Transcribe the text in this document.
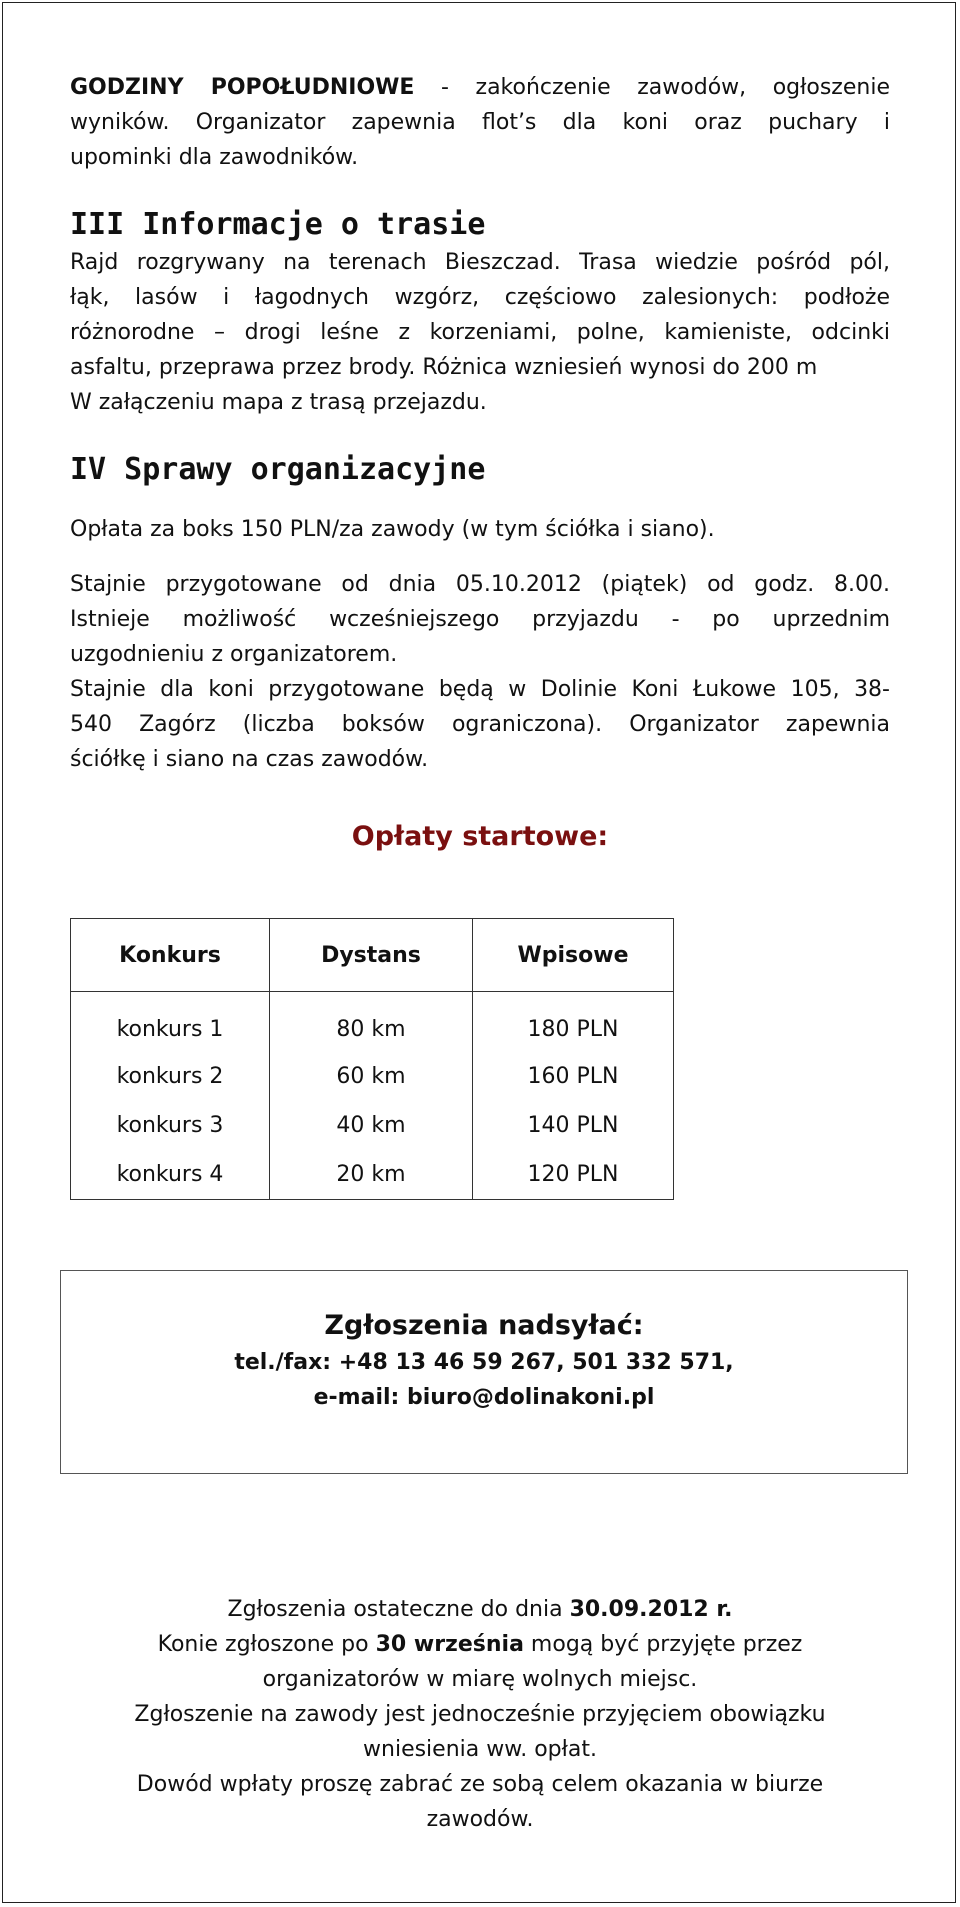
GODZINY POPOŁUDNIOWE - zakończenie zawodów, ogłoszenie

wyników. Organizator zapewnia flot’s dla koni oraz puchary i

upominki dla zawodników.

III Informacje o trasie

Rajd rozgrywany na terenach Bieszczad. Trasa wiedzie pośród pól,

łąk, lasów i łagodnych wzgórz, częściowo zalesionych: podłoże

różnorodne – drogi leśne z korzeniami, polne, kamieniste, odcinki

asfaltu, przeprawa przez brody. Różnica wzniesień wynosi do 200 m

W załączeniu mapa z trasą przejazdu.

IV Sprawy organizacyjne

Opłata za boks 150 PLN/za zawody (w tym ściółka i siano).

Stajnie przygotowane od dnia 05.10.2012 (piątek) od godz. 8.00.

Istnieje możliwość wcześniejszego przyjazdu - po uprzednim

uzgodnieniu z organizatorem.

Stajnie dla koni przygotowane będą w Dolinie Koni Łukowe 105, 38-

540 Zagórz (liczba boksów ograniczona). Organizator zapewnia

ściółkę i siano na czas zawodów.

Opłaty startowe:

Konkurs	Dystans	Wpisowe
konkurs 1	80 km	180 PLN
konkurs 2	60 km	160 PLN
konkurs 3	40 km	140 PLN
konkurs 4	20 km	120 PLN
Zgłoszenia nadsyłać:
tel./fax: +48 13 46 59 267, 501 332 571,
e-mail: biuro@dolinakoni.pl

Zgłoszenia ostateczne do dnia 30.09.2012 r.

Konie zgłoszone po 30 września mogą być przyjęte przez

organizatorów w miarę wolnych miejsc.

Zgłoszenie na zawody jest jednocześnie przyjęciem obowiązku

wniesienia ww. opłat.

Dowód wpłaty proszę zabrać ze sobą celem okazania w biurze

zawodów.
